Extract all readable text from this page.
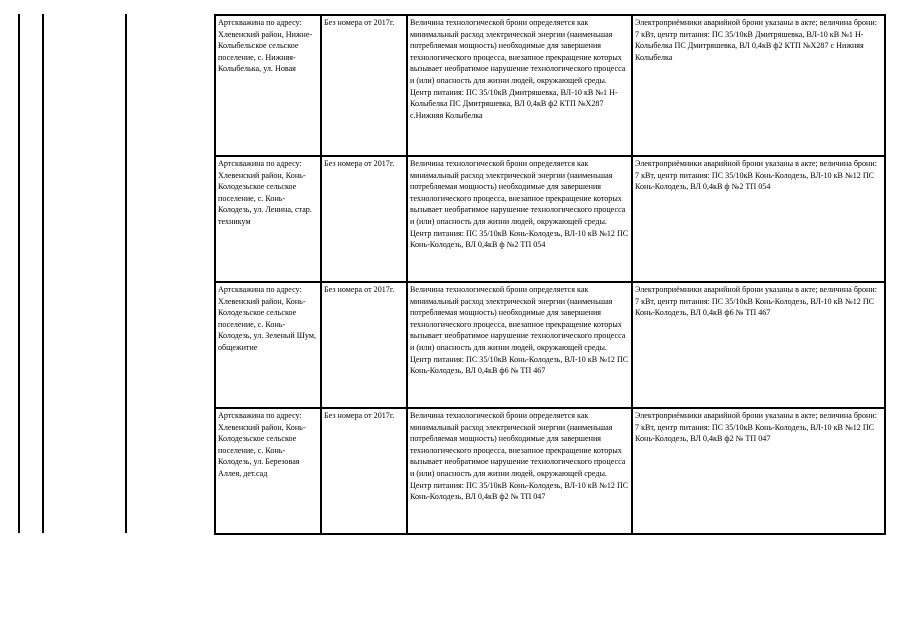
Артскважина по адресу: Хлевенский район, Нижне-Колыбельское сельское поселение, с. Нижняя-Колыбелька, ул. Новая	Без номера от 2017г.	Величина технологической брони определяется как минимальный расход электрической энергии (наименьшая потребляемая мощность) необходимые для завершения технологического процесса, внезапное прекращение которых вызывает необратимое нарушение технологического процесса и (или) опасность для жизни людей, окружающей среды. Центр питания: ПС 35/10кВ Дмитряшевка, ВЛ-10 кВ №1 Н-Колыбелка ПС Дмитряшевка, ВЛ 0,4кВ ф2 КТП №Х287 с.Нижняя Колыбелка	Электроприёмники аварийной брони указаны в акте; величина брони: 7 кВт, центр питания: ПС 35/10кВ Дмитряшевка, ВЛ-10 кВ №1 Н-Колыбелка ПС Дмитряшевка, ВЛ 0,4кВ ф2 КТП №Х287 с Нижняя Колыбелка
Артскважина по адресу: Хлевенский район, Конь-Колодезьское сельское поселение, с. Конь-Колодезь, ул. Ленина, стар. техникум	Без номера от 2017г.	Величина технологической брони определяется как минимальный расход электрической энергии (наименьшая потребляемая мощность) необходимые для завершения технологического процесса, внезапное прекращение которых вызывает необратимое нарушение технологического процесса и (или) опасность для жизни людей, окружающей среды. Центр питания: ПС 35/10кВ Конь-Колодезь, ВЛ-10 кВ №12 ПС Конь-Колодезь, ВЛ 0,4кВ ф №2 ТП 054	Электроприёмники аварийной брони указаны в акте; величина брони: 7 кВт, центр питания: ПС 35/10кВ Конь-Колодезь, ВЛ-10 кВ №12 ПС Конь-Колодезь, ВЛ 0,4кВ ф №2 ТП 054
Артскважина по адресу: Хлевенский район, Конь-Колодезьское сельское поселение, с. Конь-Колодезь, ул. Зеленый Шум, общежитие	Без номера от 2017г.	Величина технологической брони определяется как минимальный расход электрической энергии (наименьшая потребляемая мощность) необходимые для завершения технологического процесса, внезапное прекращение которых вызывает необратимое нарушение технологического процесса и (или) опасность для жизни людей, окружающей среды. Центр питания: ПС 35/10кВ Конь-Колодезь, ВЛ-10 кВ №12 ПС Конь-Колодезь, ВЛ 0,4кВ ф6 № ТП 467	Электроприёмники аварийной брони указаны в акте; величина брони: 7 кВт, центр питания: ПС 35/10кВ Конь-Колодезь, ВЛ-10 кВ №12 ПС Конь-Колодезь, ВЛ 0,4кВ ф6 № ТП 467
Артскважина по адресу: Хлевенский район, Конь-Колодезьское сельское поселение, с. Конь-Колодезь, ул. Березовая Аллея, дет.сад	Без номера от 2017г.	Величина технологической брони определяется как минимальный расход электрической энергии (наименьшая потребляемая мощность) необходимые для завершения технологического процесса, внезапное прекращение которых вызывает необратимое нарушение технологического процесса и (или) опасность для жизни людей, окружающей среды. Центр питания: ПС 35/10кВ Конь-Колодезь, ВЛ-10 кВ №12 ПС Конь-Колодезь, ВЛ 0,4кВ ф2 № ТП 047	Электроприёмники аварийной брони указаны в акте; величина брони: 7 кВт, центр питания: ПС 35/10кВ Конь-Колодезь, ВЛ-10 кВ №12 ПС Конь-Колодезь, ВЛ 0,4кВ ф2 № ТП 047
